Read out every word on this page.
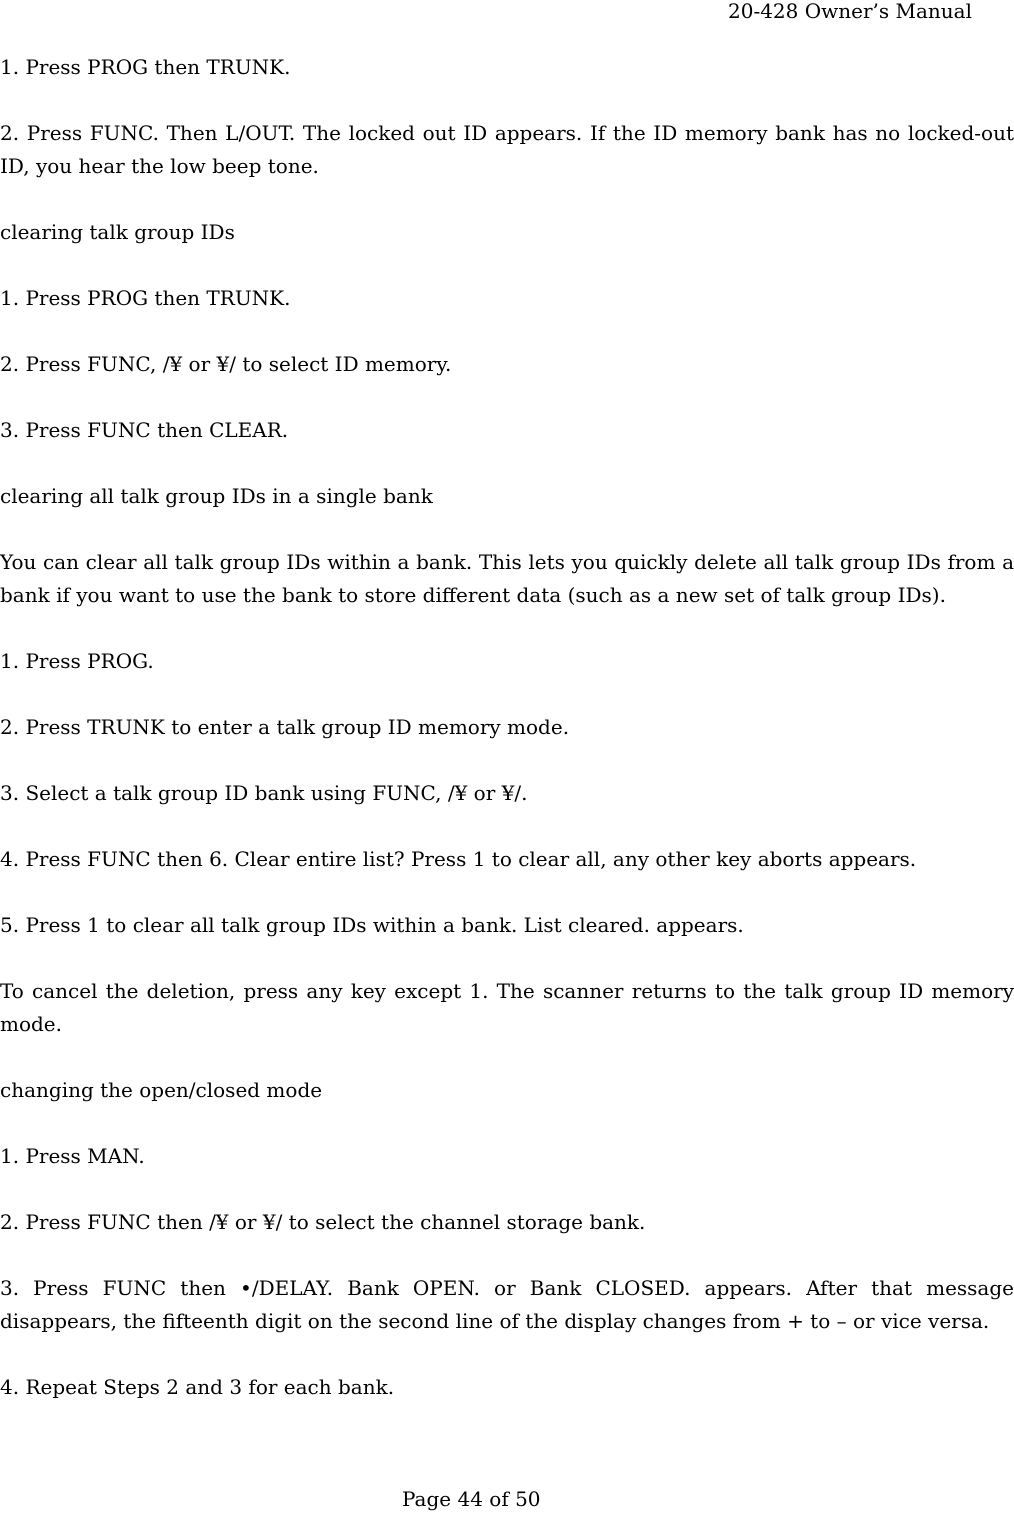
20-428 Owner’s Manual

1. Press PROG then TRUNK.

2. Press FUNC. Then L/OUT. The locked out ID appears. If the ID memory bank has no locked-out ID, you hear the low beep tone.

clearing talk group IDs

1. Press PROG then TRUNK.

2. Press FUNC, /¥ or ¥/ to select ID memory.

3. Press FUNC then CLEAR.

clearing all talk group IDs in a single bank

You can clear all talk group IDs within a bank. This lets you quickly delete all talk group IDs from a bank if you want to use the bank to store different data (such as a new set of talk group IDs).

1. Press PROG.

2. Press TRUNK to enter a talk group ID memory mode.

3. Select a talk group ID bank using FUNC, /¥ or ¥/.

4. Press FUNC then 6. Clear entire list? Press 1 to clear all, any other key aborts appears.

5. Press 1 to clear all talk group IDs within a bank. List cleared. appears.

To cancel the deletion, press any key except 1. The scanner returns to the talk group ID memory mode.

changing the open/closed mode

1. Press MAN.

2. Press FUNC then /¥ or ¥/ to select the channel storage bank.

3. Press FUNC then •/DELAY. Bank OPEN. or Bank CLOSED. appears. After that message disappears, the fifteenth digit on the second line of the display changes from + to – or vice versa.

4. Repeat Steps 2 and 3 for each bank.

Page 44 of 50
